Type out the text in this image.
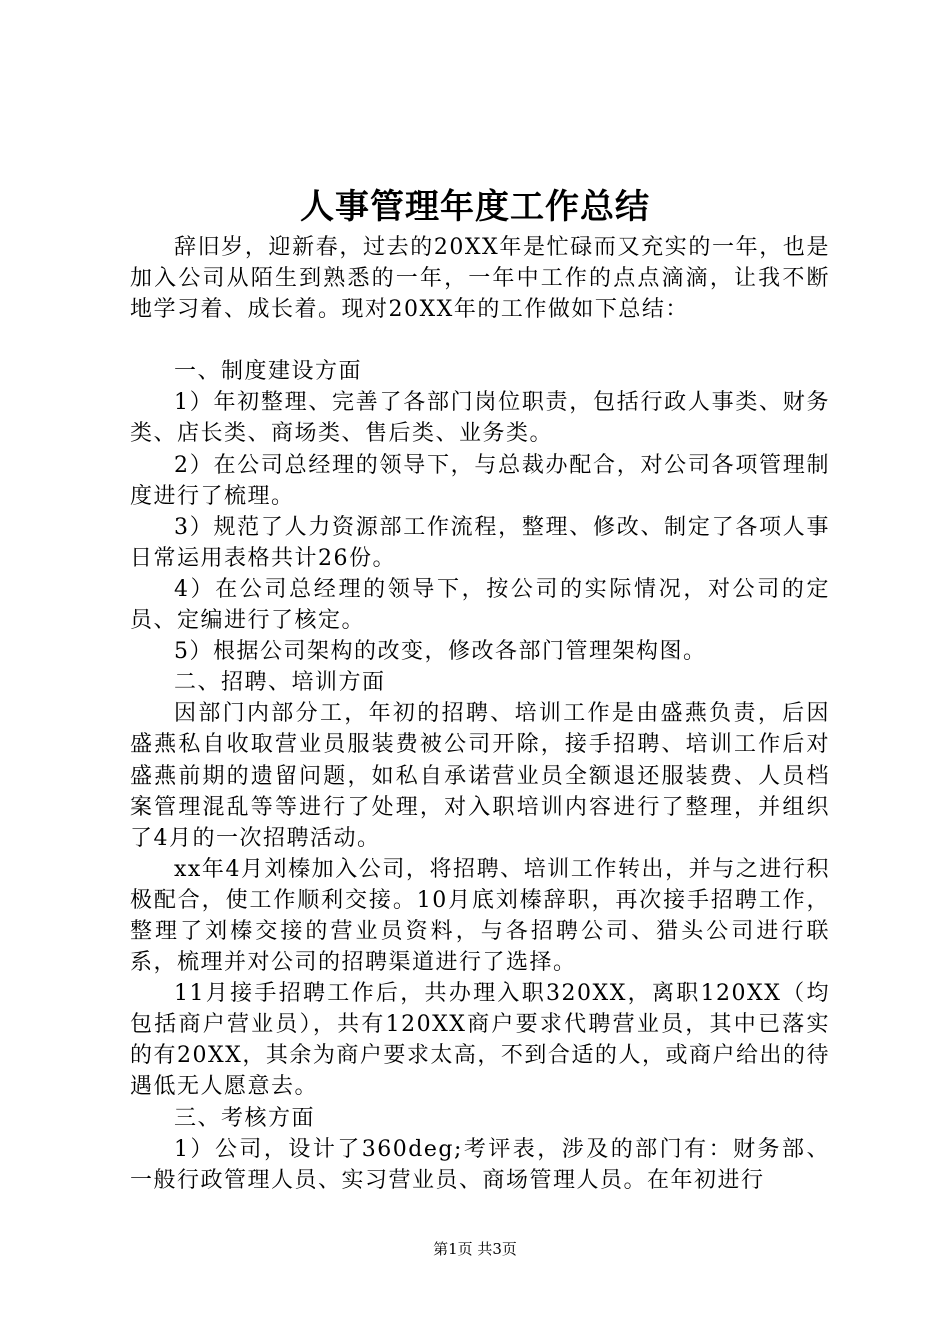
人事管理年度工作总结

辞旧岁，迎新春，过去的20XX年是忙碌而又充实的一年，也是加入公司从陌生到熟悉的一年，一年中工作的点点滴滴，让我不断地学习着、成长着。现对20XX年的工作做如下总结：

一、制度建设方面

1）年初整理、完善了各部门岗位职责，包括行政人事类、财务类、店长类、商场类、售后类、业务类。

2）在公司总经理的领导下，与总裁办配合，对公司各项管理制度进行了梳理。

3）规范了人力资源部工作流程，整理、修改、制定了各项人事日常运用表格共计26份。

4）在公司总经理的领导下，按公司的实际情况，对公司的定员、定编进行了核定。

5）根据公司架构的改变，修改各部门管理架构图。

二、招聘、培训方面

因部门内部分工，年初的招聘、培训工作是由盛燕负责，后因盛燕私自收取营业员服装费被公司开除，接手招聘、培训工作后对盛燕前期的遗留问题，如私自承诺营业员全额退还服装费、人员档案管理混乱等等进行了处理，对入职培训内容进行了整理，并组织了4月的一次招聘活动。

xx年4月刘榛加入公司，将招聘、培训工作转出，并与之进行积极配合，使工作顺利交接。10月底刘榛辞职，再次接手招聘工作，整理了刘榛交接的营业员资料，与各招聘公司、猎头公司进行联系，梳理并对公司的招聘渠道进行了选择。

11月接手招聘工作后，共办理入职320XX，离职120XX（均包括商户营业员），共有120XX商户要求代聘营业员，其中已落实的有20XX，其余为商户要求太高，不到合适的人，或商户给出的待遇低无人愿意去。

三、考核方面

1）公司，设计了360deg;考评表，涉及的部门有：财务部、一般行政管理人员、实习营业员、商场管理人员。在年初进行

第1页 共3页
